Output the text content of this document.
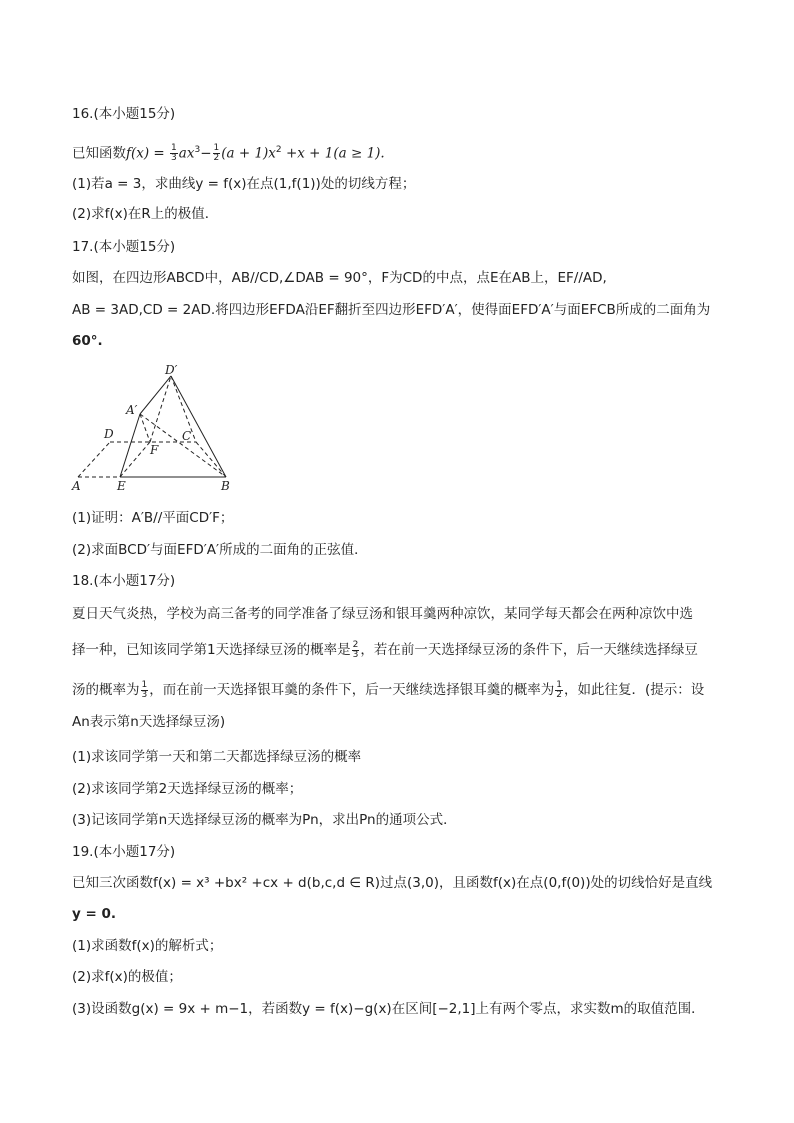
16.(本小题15分)
已知函数$f(x) = \frac{1}{3} ax^3- \frac{1}{2} (a + 1)x^2 +x + 1(a \ge 1)$.
(1)若a = 3，求曲线y = f(x)在点(1,f(1))处的切线方程；
(2)求f(x)在R上的极值．
17.(本小题15分)
如图，在四边形ABCD中，AB//CD,∠DAB = 90°，F为CD的中点，点E在AB上，EF//AD,
AB = 3AD,CD = 2AD.将四边形EFDA沿EF翻折至四边形EFD′A′，使得面EFD′A′与面EFCB所成的二面角为
60°.
D′
A′
D	C
F
A	E	B
(1)证明：A′B//平面CD′F；
(2)求面BCD′与面EFD′A′所成的二面角的正弦值．
18.(本小题17分)
夏日天气炎热，学校为高三备考的同学准备了绿豆汤和银耳羹两种凉饮，某同学每天都会在两种凉饮中选
择一种，已知该同学第1天选择绿豆汤的概率是 $\frac{2}{3}$ ，若在前一天选择绿豆汤的条件下，后一天继续选择绿豆
汤的概率为 $\frac{1}{3}$ ，而在前一天选择银耳羹的条件下，后一天继续选择银耳羹的概率为 $\frac{1}{2}$ ，如此往复．(提示：设
An表示第n天选择绿豆汤)
(1)求该同学第一天和第二天都选择绿豆汤的概率
(2)求该同学第2天选择绿豆汤的概率；
(3)记该同学第n天选择绿豆汤的概率为Pn，求出Pn的通项公式．
19.(本小题17分)
已知三次函数f(x) = x³ +bx² +cx + d(b,c,d ∈ R)过点(3,0)，且函数f(x)在点(0,f(0))处的切线恰好是直线
y = 0.
(1)求函数f(x)的解析式；
(2)求f(x)的极值；
(3)设函数g(x) = 9x + m−1，若函数y = f(x)−g(x)在区间[−2,1]上有两个零点，求实数m的取值范围．
